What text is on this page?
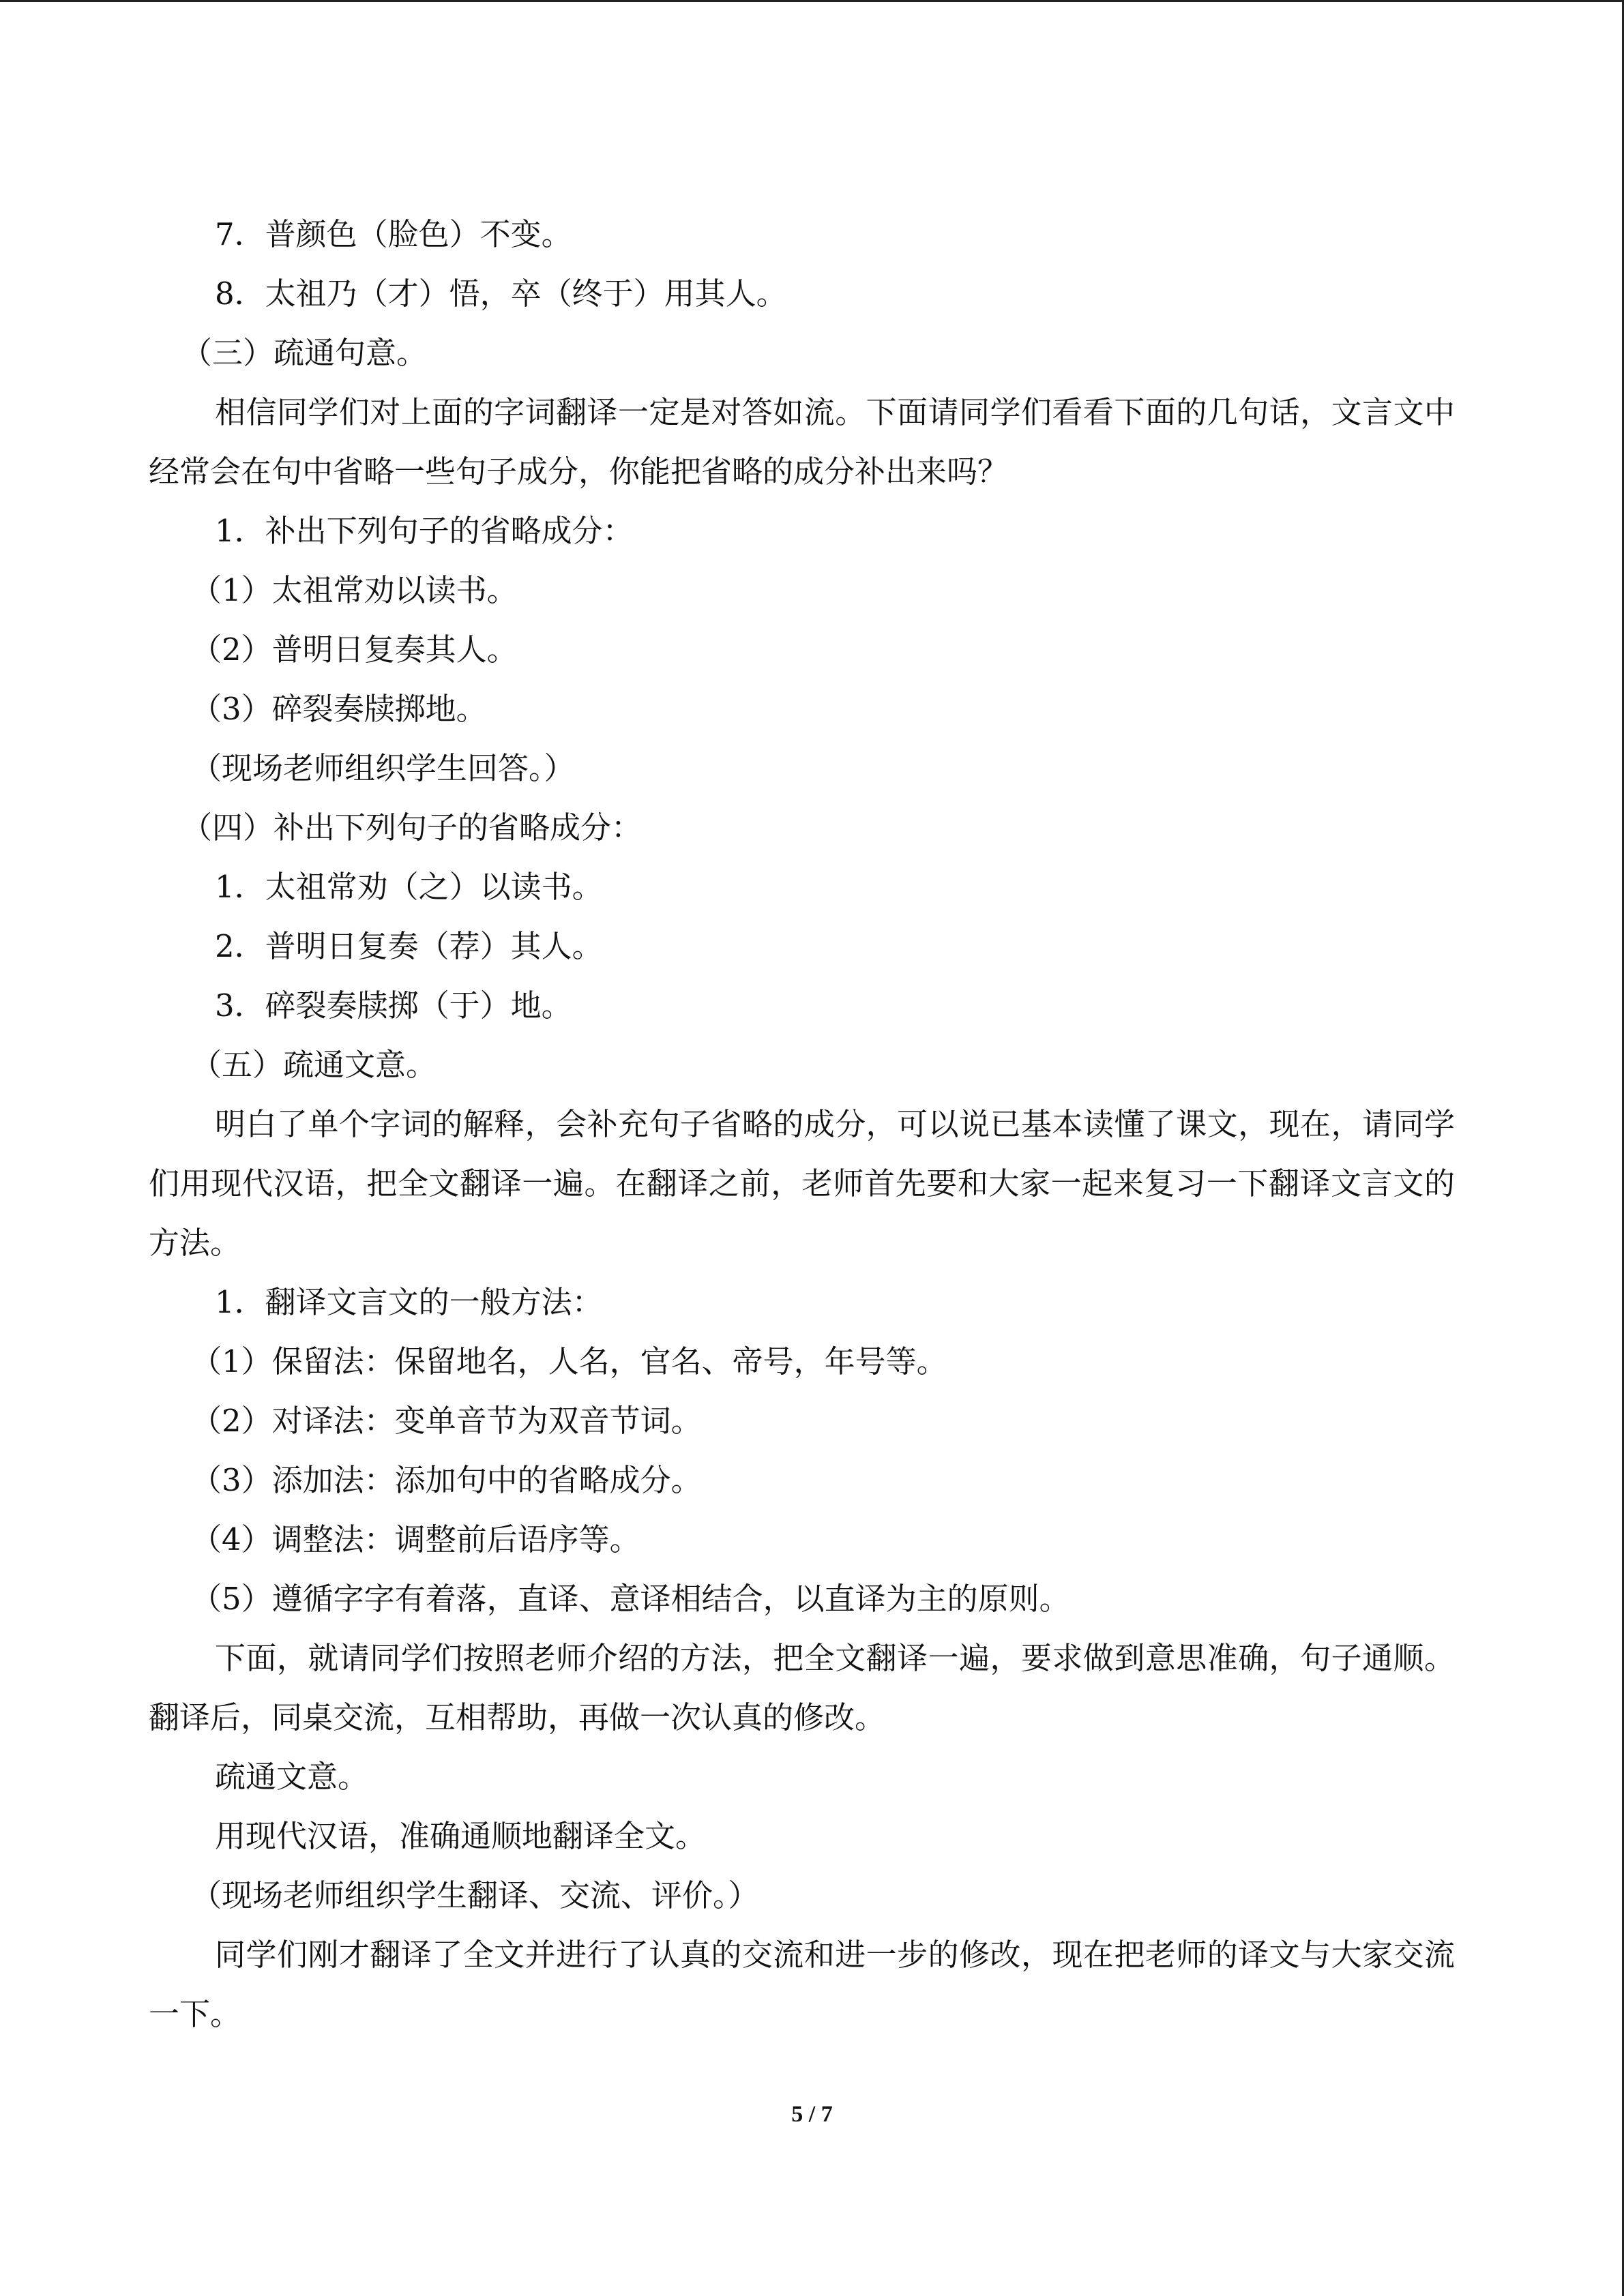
7．普颜色（脸色）不变。

8．太祖乃（才）悟，卒（终于）用其人。

（三）疏通句意。

相信同学们对上面的字词翻译一定是对答如流。下面请同学们看看下面的几句话，文言文中经常会在句中省略一些句子成分，你能把省略的成分补出来吗？

1．补出下列句子的省略成分：

（1）太祖常劝以读书。

（2）普明日复奏其人。

（3）碎裂奏牍掷地。

（现场老师组织学生回答。）

（四）补出下列句子的省略成分：

1．太祖常劝（之）以读书。

2．普明日复奏（荐）其人。

3．碎裂奏牍掷（于）地。

（五）疏通文意。

明白了单个字词的解释，会补充句子省略的成分，可以说已基本读懂了课文，现在，请同学们用现代汉语，把全文翻译一遍。在翻译之前，老师首先要和大家一起来复习一下翻译文言文的方法。

1．翻译文言文的一般方法：

（1）保留法：保留地名，人名，官名、帝号，年号等。

（2）对译法：变单音节为双音节词。

（3）添加法：添加句中的省略成分。

（4）调整法：调整前后语序等。

（5）遵循字字有着落，直译、意译相结合，以直译为主的原则。

下面，就请同学们按照老师介绍的方法，把全文翻译一遍，要求做到意思准确，句子通顺。翻译后，同桌交流，互相帮助，再做一次认真的修改。

疏通文意。

用现代汉语，准确通顺地翻译全文。

（现场老师组织学生翻译、交流、评价。）

同学们刚才翻译了全文并进行了认真的交流和进一步的修改，现在把老师的译文与大家交流一下。

5 / 7
